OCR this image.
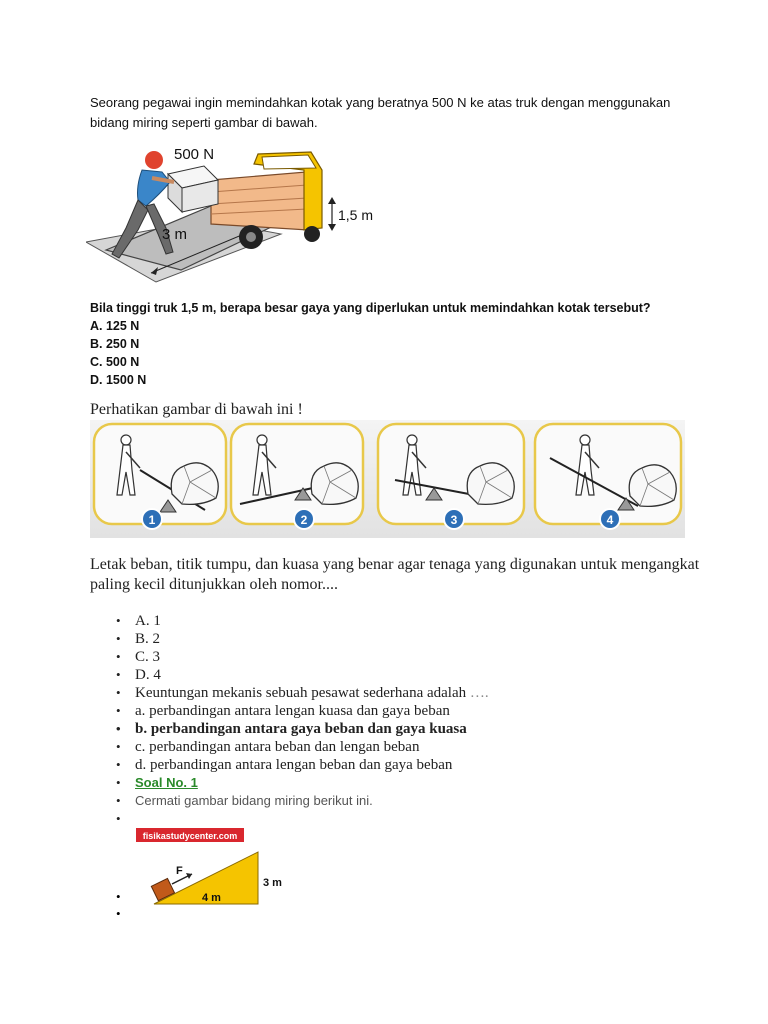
Seorang pegawai ingin memindahkan kotak yang beratnya 500 N ke atas truk dengan menggunakan
bidang miring seperti gambar di bawah.
500 N
1,5 m
3 m
Bila tinggi truk 1,5 m, berapa besar gaya yang diperlukan untuk memindahkan kotak tersebut?
A. 125 N
B. 250 N
C. 500 N
D. 1500 N
Perhatikan gambar di bawah ini !
1	2	3	4
Letak beban, titik tumpu, dan kuasa yang benar agar tenaga yang digunakan untuk mengangkat
paling kecil ditunjukkan oleh nomor....
• A. 1
• B. 2
• C. 3
• D. 4
• Keuntungan mekanis sebuah pesawat sederhana adalah ….
• a. perbandingan antara lengan kuasa dan gaya beban
• b. perbandingan antara gaya beban dan gaya kuasa
• c. perbandingan antara beban dan lengan beban
• d. perbandingan antara lengan beban dan gaya beban
• Soal No. 1
• Cermati gambar bidang miring berikut ini.
•
fisikastudycenter.com
F
4 m
3 m
•
•
